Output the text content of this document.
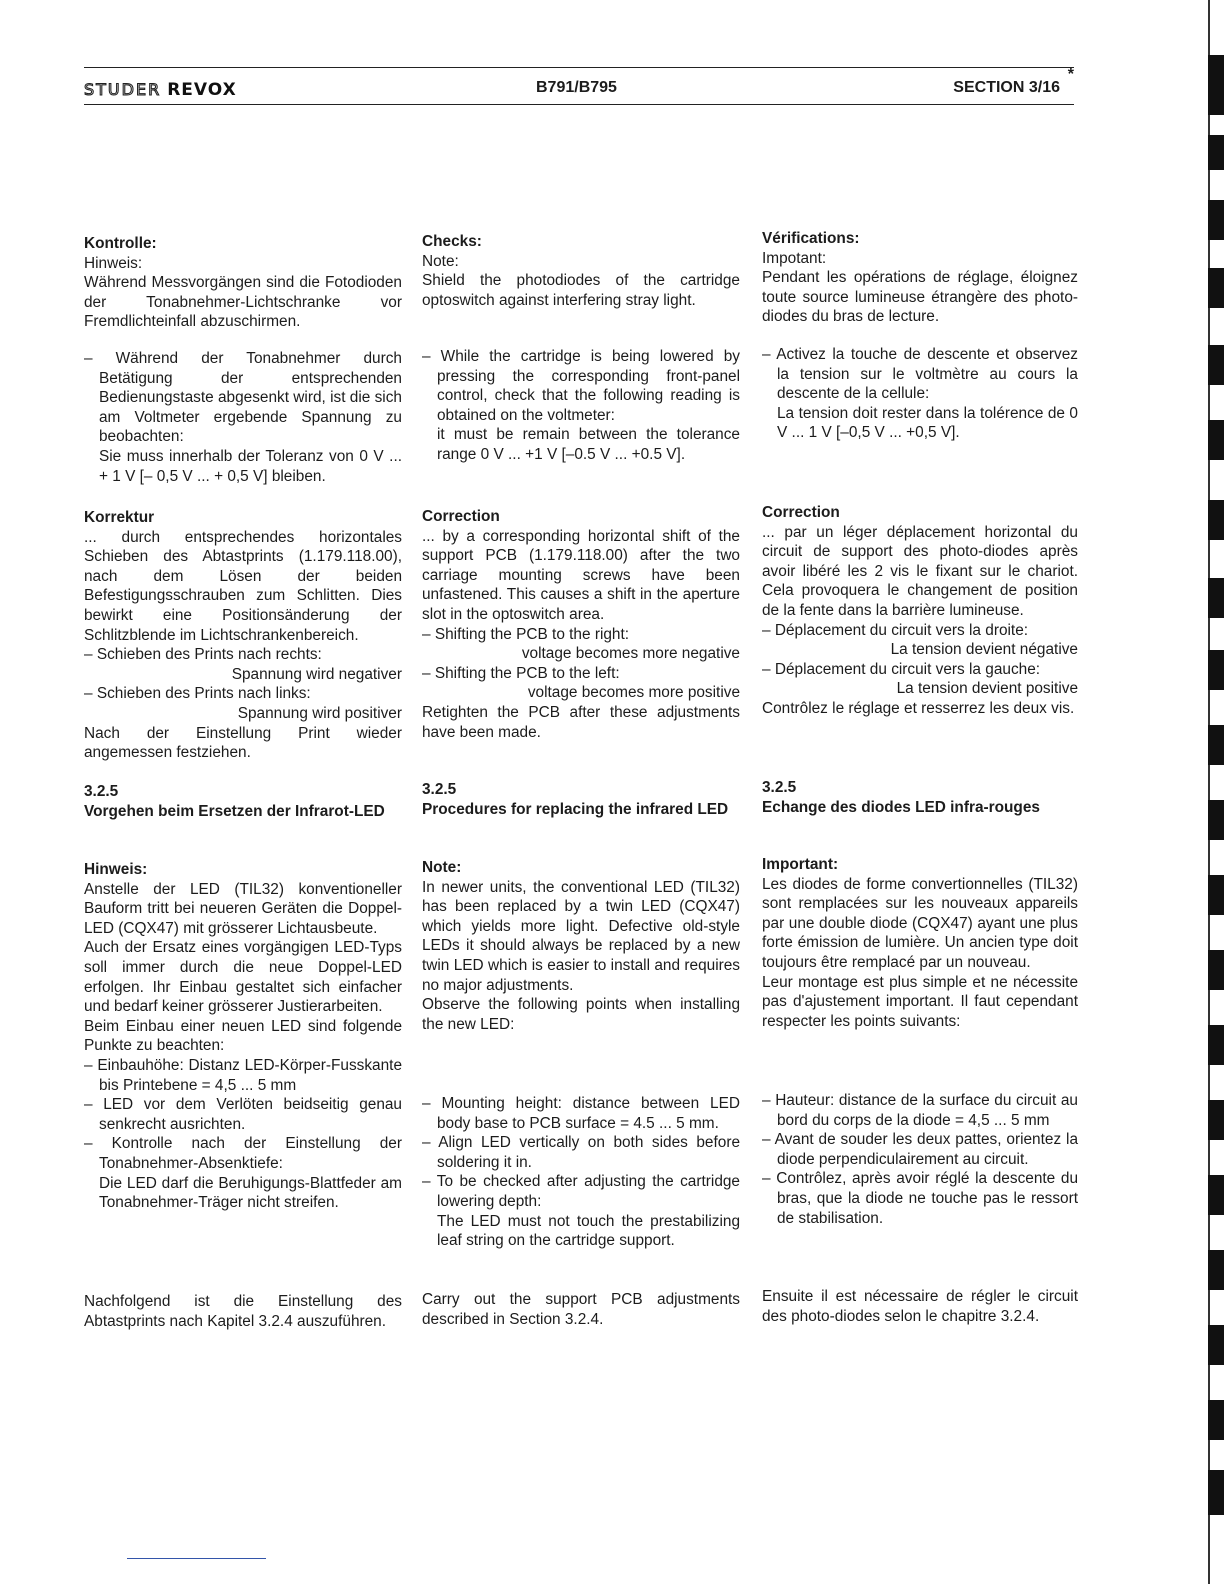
STUDER REVOX	B791/B795	SECTION 3/16
*

Kontrolle:

Hinweis:

Während Messvorgängen sind die Fotodioden der Tonabnehmer-Lichtschranke vor Fremdlichteinfall abzuschirmen.

– Während der Tonabnehmer durch Betätigung der entsprechenden Bedienungstaste abgesenkt wird, ist die sich am Voltmeter ergebende Spannung zu beobachten:

Sie muss innerhalb der Toleranz von 0 V ... + 1 V [– 0,5 V ... + 0,5 V] bleiben.

Korrektur

... durch entsprechendes horizontales Schieben des Abtastprints (1.179.118.00), nach dem Lösen der beiden Befestigungsschrauben zum Schlitten. Dies bewirkt eine Positionsänderung der Schlitzblende im Lichtschrankenbereich.

– Schieben des Prints nach rechts:

Spannung wird negativer

– Schieben des Prints nach links:

Spannung wird positiver

Nach der Einstellung Print wieder angemessen festziehen.

3.2.5

Vorgehen beim Ersetzen der Infrarot-LED

Hinweis:

Anstelle der LED (TIL32) konventioneller Bauform tritt bei neueren Geräten die Doppel-LED (CQX47) mit grösserer Lichtausbeute.

Auch der Ersatz eines vorgängigen LED-Typs soll immer durch die neue Doppel-LED erfolgen. Ihr Einbau gestaltet sich einfacher und bedarf keiner grösserer Justierarbeiten.

Beim Einbau einer neuen LED sind folgende Punkte zu beachten:

– Einbauhöhe: Distanz LED-Körper-Fusskante bis Printebene = 4,5 ... 5 mm

– LED vor dem Verlöten beidseitig genau senkrecht ausrichten.

– Kontrolle nach der Einstellung der Tonabnehmer-Absenktiefe:

Die LED darf die Beruhigungs-Blattfeder am Tonabnehmer-Träger nicht streifen.

Nachfolgend ist die Einstellung des Abtastprints nach Kapitel 3.2.4 auszuführen.

Checks:

Note:

Shield the photodiodes of the cartridge optoswitch against interfering stray light.

– While the cartridge is being lowered by pressing the corresponding front-panel control, check that the following reading is obtained on the voltmeter:

it must be remain between the tolerance range 0 V ... +1 V [–0.5 V ... +0.5 V].

Correction

... by a corresponding horizontal shift of the support PCB (1.179.118.00) after the two carriage mounting screws have been unfastened. This causes a shift in the aperture slot in the optoswitch area.

– Shifting the PCB to the right:

voltage becomes more negative

– Shifting the PCB to the left:

voltage becomes more positive

Retighten the PCB after these adjustments have been made.

3.2.5

Procedures for replacing the infrared LED

Note:

In newer units, the conventional LED (TIL32) has been replaced by a twin LED (CQX47) which yields more light. Defective old-style LEDs it should always be replaced by a new twin LED which is easier to install and requires no major adjustments.

Observe the following points when installing the new LED:

– Mounting height: distance between LED body base to PCB surface = 4.5 ... 5 mm.

– Align LED vertically on both sides before soldering it in.

– To be checked after adjusting the cartridge lowering depth:

The LED must not touch the prestabilizing leaf string on the cartridge support.

Carry out the support PCB adjustments described in Section 3.2.4.

Vérifications:

Impotant:

Pendant les opérations de réglage, éloignez toute source lumineuse étrangère des photo-diodes du bras de lecture.

– Activez la touche de descente et observez la tension sur le voltmètre au cours la descente de la cellule:

La tension doit rester dans la tolérence de 0 V ... 1 V [–0,5 V ... +0,5 V].

Correction

... par un léger déplacement horizontal du circuit de support des photo-diodes après avoir libéré les 2 vis le fixant sur le chariot. Cela provoquera le changement de position de la fente dans la barrière lumineuse.

– Déplacement du circuit vers la droite:

La tension devient négative

– Déplacement du circuit vers la gauche:

La tension devient positive

Contrôlez le réglage et resserrez les deux vis.

3.2.5

Echange des diodes LED infra-rouges

Important:

Les diodes de forme convertionnelles (TIL32) sont remplacées sur les nouveaux appareils par une double diode (CQX47) ayant une plus forte émission de lumière. Un ancien type doit toujours être remplacé par un nouveau.

Leur montage est plus simple et ne nécessite pas d'ajustement important. Il faut cependant respecter les points suivants:

– Hauteur: distance de la surface du circuit au bord du corps de la diode = 4,5 ... 5 mm

– Avant de souder les deux pattes, orientez la diode perpendiculairement au circuit.

– Contrôlez, après avoir réglé la descente du bras, que la diode ne touche pas le ressort de stabilisation.

Ensuite il est nécessaire de régler le circuit des photo-diodes selon le chapitre 3.2.4.
